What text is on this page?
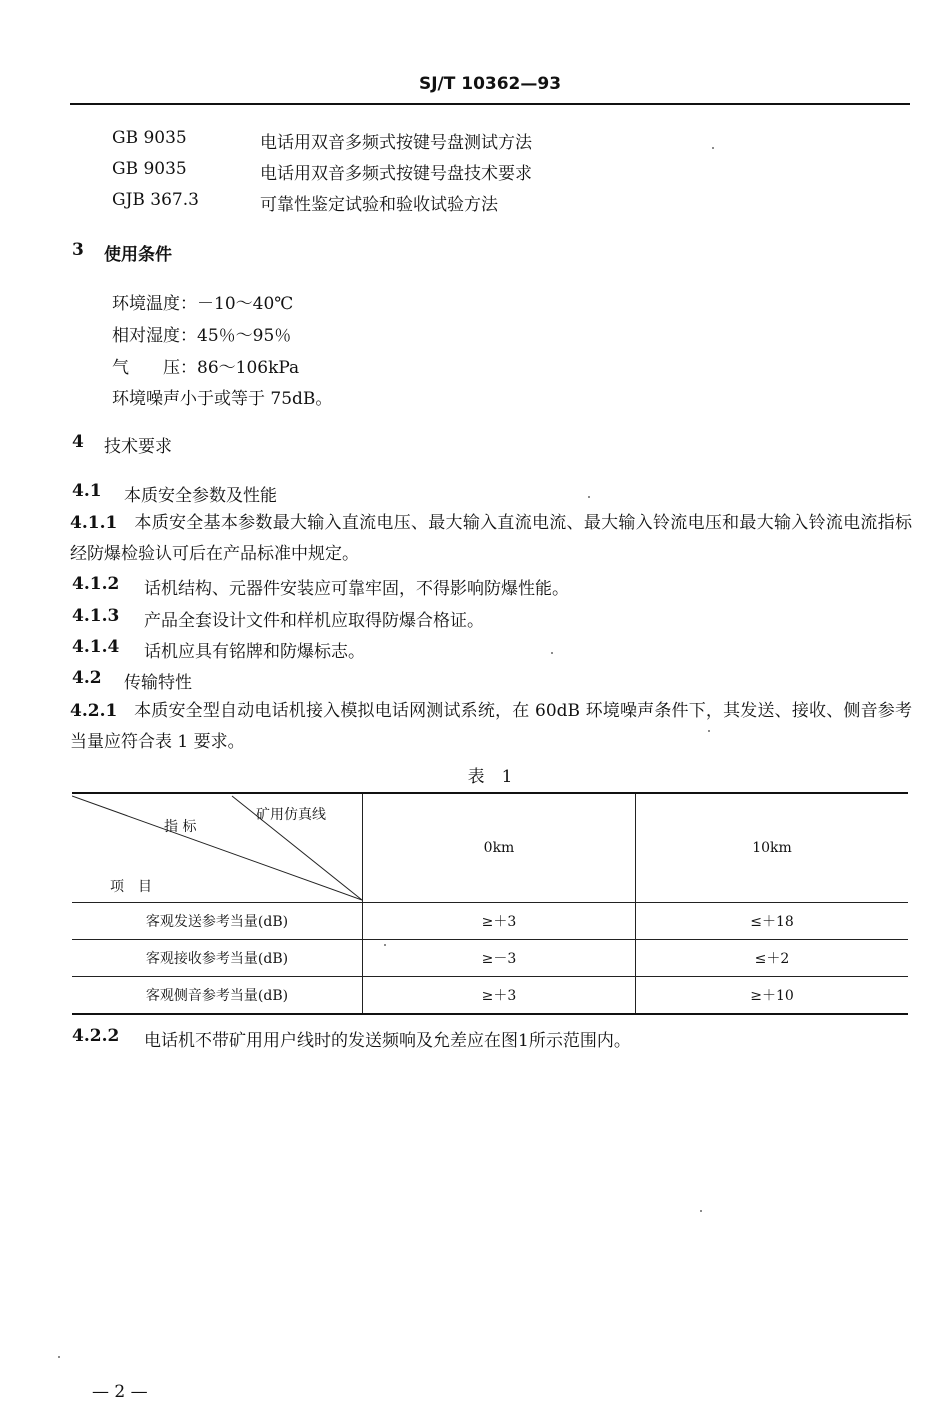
SJ/T 10362—93
GB 9035	电话用双音多频式按键号盘测试方法
GB 9035	电话用双音多频式按键号盘技术要求
GJB 367.3	可靠性鉴定试验和验收试验方法
3 使用条件
环境温度：－10～40℃
相对湿度：45％～95％
气　　压：86～106kPa
环境噪声小于或等于 75dB。
4 技术要求
4.1 本质安全参数及性能
4.1.1 本质安全基本参数最大输入直流电压、最大输入直流电流、最大输入铃流电压和最大输入铃流电流指标经防爆检验认可后在产品标准中规定。
4.1.2 话机结构、元器件安装应可靠牢固，不得影响防爆性能。
4.1.3 产品全套设计文件和样机应取得防爆合格证。
4.1.4 话机应具有铭牌和防爆标志。
4.2 传输特性
4.2.1 本质安全型自动电话机接入模拟电话网测试系统，在 60dB 环境噪声条件下，其发送、接收、侧音参考当量应符合表 1 要求。
表　1
矿用仿真线
指 标
项　目	0km	10km
客观发送参考当量(dB)	≥＋3	≤＋18
客观接收参考当量(dB)	≥－3	≤＋2
客观侧音参考当量(dB)	≥＋3	≥＋10
4.2.2 电话机不带矿用用户线时的发送频响及允差应在图1所示范围内。
— 2 —
